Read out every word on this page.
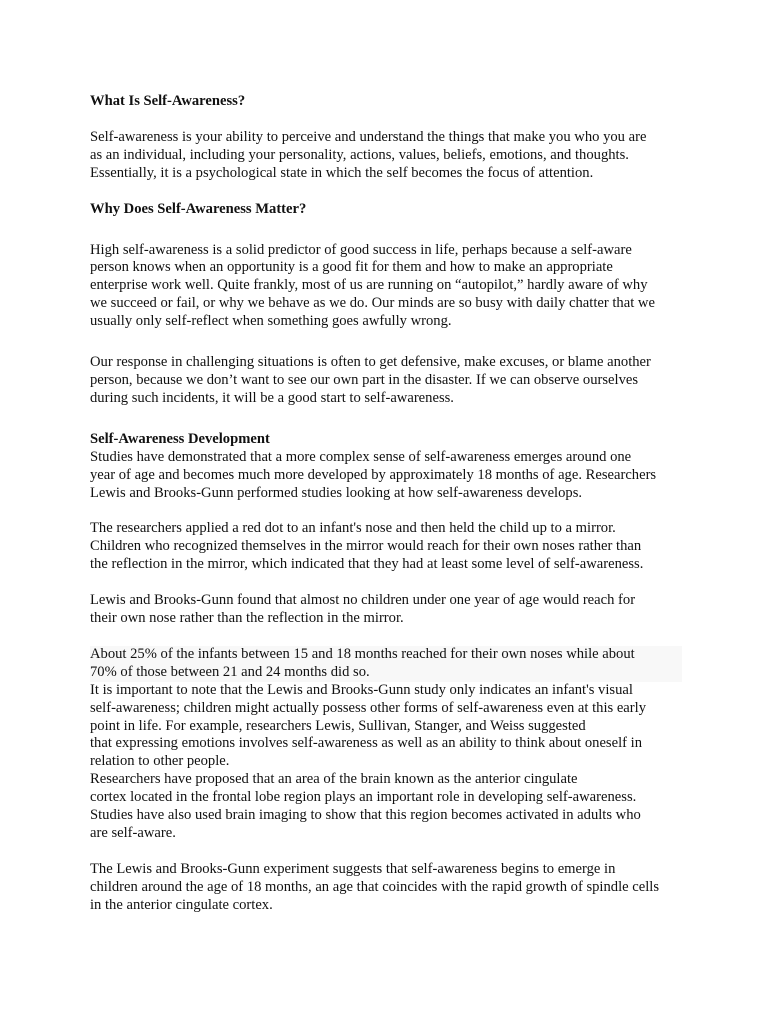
What Is Self-Awareness?

Self-awareness is your ability to perceive and understand the things that make you who you are
as an individual, including your personality, actions, values, beliefs, emotions, and thoughts.
Essentially, it is a psychological state in which the self becomes the focus of attention.

Why Does Self-Awareness Matter?

High self-awareness is a solid predictor of good success in life, perhaps because a self-aware
person knows when an opportunity is a good fit for them and how to make an appropriate
enterprise work well. Quite frankly, most of us are running on “autopilot,” hardly aware of why
we succeed or fail, or why we behave as we do. Our minds are so busy with daily chatter that we
usually only self-reflect when something goes awfully wrong.

Our response in challenging situations is often to get defensive, make excuses, or blame another
person, because we don’t want to see our own part in the disaster. If we can observe ourselves
during such incidents, it will be a good start to self-awareness.

Self-Awareness Development

Studies have demonstrated that a more complex sense of self-awareness emerges around one
year of age and becomes much more developed by approximately 18 months of age. Researchers
Lewis and Brooks-Gunn performed studies looking at how self-awareness develops.

The researchers applied a red dot to an infant's nose and then held the child up to a mirror.
Children who recognized themselves in the mirror would reach for their own noses rather than
the reflection in the mirror, which indicated that they had at least some level of self-awareness.

Lewis and Brooks-Gunn found that almost no children under one year of age would reach for
their own nose rather than the reflection in the mirror.

About 25% of the infants between 15 and 18 months reached for their own noses while about
70% of those between 21 and 24 months did so.

It is important to note that the Lewis and Brooks-Gunn study only indicates an infant's visual
self-awareness; children might actually possess other forms of self-awareness even at this early
point in life. For example, researchers Lewis, Sullivan, Stanger, and Weiss suggested
that expressing emotions involves self-awareness as well as an ability to think about oneself in
relation to other people.

Researchers have proposed that an area of the brain known as the anterior cingulate
cortex located in the frontal lobe region plays an important role in developing self-awareness.
Studies have also used brain imaging to show that this region becomes activated in adults who
are self-aware.

The Lewis and Brooks-Gunn experiment suggests that self-awareness begins to emerge in
children around the age of 18 months, an age that coincides with the rapid growth of spindle cells
in the anterior cingulate cortex.
